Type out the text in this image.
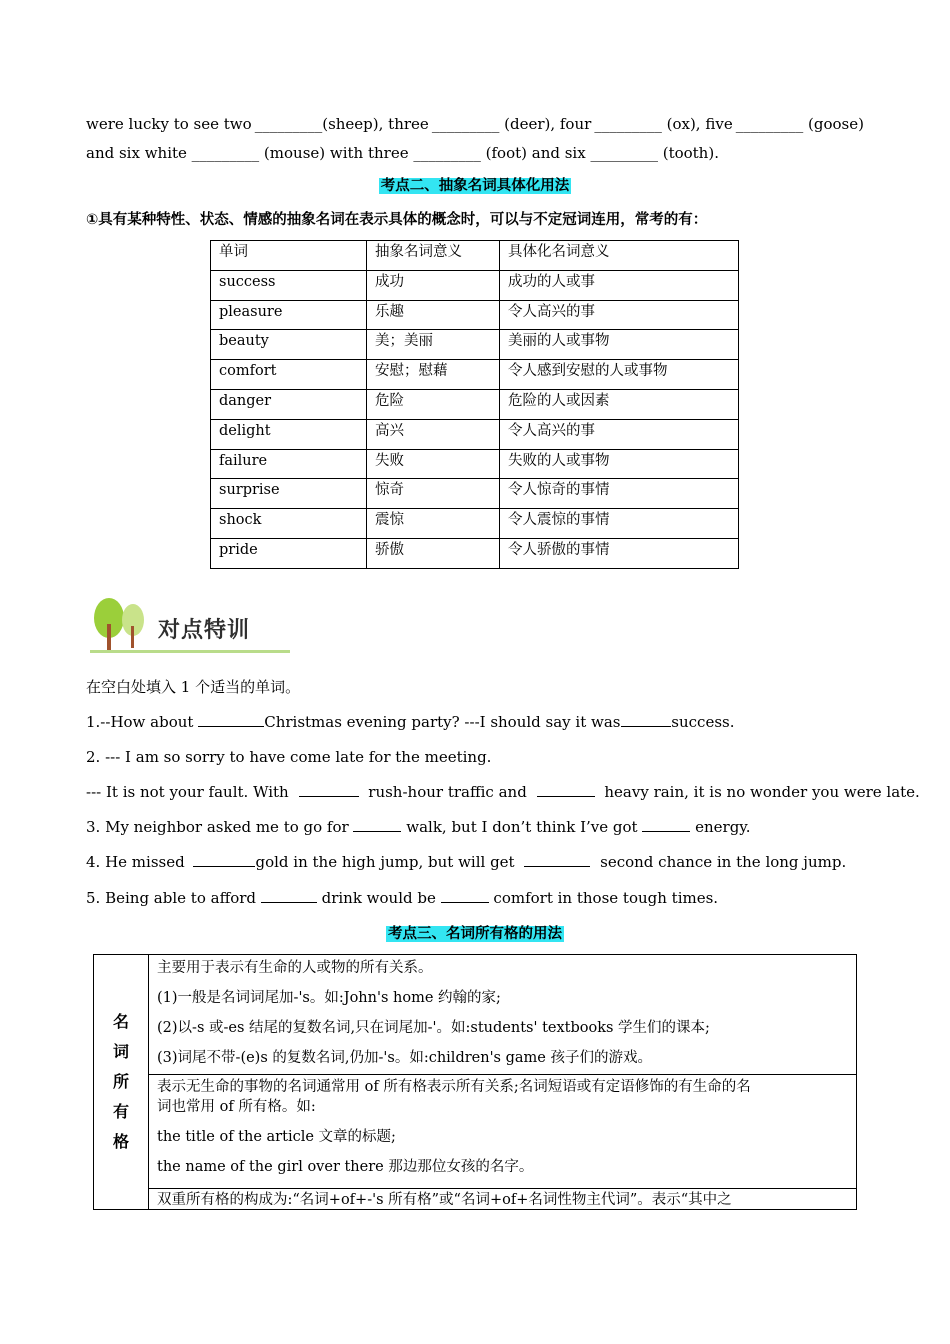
were lucky to see two _________(sheep), three _________ (deer), four _________ (ox), five _________ (goose)
and six white _________ (mouse) with three _________ (foot) and six _________ (tooth).
考点二、抽象名词具体化用法
①具有某种特性、状态、情感的抽象名词在表示具体的概念时，可以与不定冠词连用，常考的有：
单词	抽象名词意义	具体化名词意义
success	成功	成功的人或事
pleasure	乐趣	令人高兴的事
beauty	美；美丽	美丽的人或事物
comfort	安慰；慰藉	令人感到安慰的人或事物
danger	危险	危险的人或因素
delight	高兴	令人高兴的事
failure	失败	失败的人或事物
surprise	惊奇	令人惊奇的事情
shock	震惊	令人震惊的事情
pride	骄傲	令人骄傲的事情
对点特训
在空白处填入 1 个适当的单词。
1.--How about	Christmas evening party? ---I should say it was	success.
2. --- I am so sorry to have come late for the meeting.
--- It is not your fault. With	rush-hour traffic and	heavy rain, it is no wonder you were late.
3. My neighbor asked me to go for	walk, but I don’t think I’ve got	energy.
4. He missed	gold in the high jump, but will get	second chance in the long jump.
5. Being able to afford	drink would be	comfort in those tough times.
考点三、名词所有格的用法
名
词
所
有
格
主要用于表示有生命的人或物的所有关系。
(1)一般是名词词尾加-'s。如:John's home 约翰的家;
(2)以-s 或-es 结尾的复数名词,只在词尾加-'。如:students' textbooks 学生们的课本;
(3)词尾不带-(e)s 的复数名词,仍加-'s。如:children's game 孩子们的游戏。
表示无生命的事物的名词通常用 of 所有格表示所有关系;名词短语或有定语修饰的有生命的名
词也常用 of 所有格。如:
the title of the article 文章的标题;
the name of the girl over there 那边那位女孩的名字。
双重所有格的构成为:“名词+of+-'s 所有格”或“名词+of+名词性物主代词”。表示“其中之
